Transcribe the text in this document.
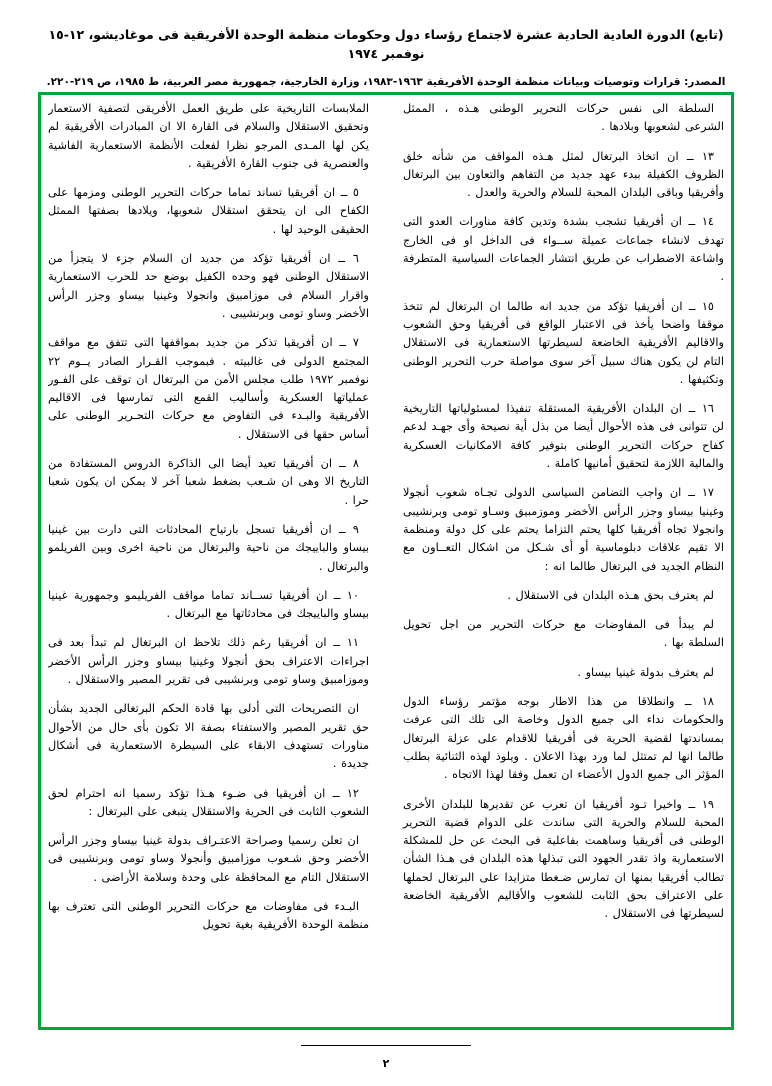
(تابع) الدورة العادية الحادية عشرة لاجتماع رؤساء دول وحكومات منظمة الوحدة الأفريقية فى موغاديشو، ١٢-١٥ نوفمبر ١٩٧٤
المصدر: قرارات وتوصيات وبيانات منظمة الوحدة الأفريقية ١٩٦٣-١٩٨٣، وزارة الخارجية، جمهورية مصر العربية، ط ١٩٨٥، ص ٢١٩-٢٢٠.

السلطة الى نفس حركات التحرير الوطنى هـذه ، الممثل الشرعى لشعوبها وبلادها .

١٣ ــ ان اتخاذ البرتغال لمثل هـذه المواقف من شأنه خلق الظروف الكفيلة ببدء عهد جديد من التفاهم والتعاون بين البرتغال وأفريقيا وباقى البلدان المحبة للسلام والحرية والعدل .

١٤ ــ ان أفريقيا تشجب بشدة وتدين كافة مناورات العدو التى تهدف لانشاء جماعات عميلة ســواء فى الداخل او فى الخارج واشاعة الاضطراب عن طريق انتشار الجماعات السياسية المتطرفة .

١٥ ــ ان أفريقيا تؤكد من جديد انه طالما ان البرتغال لم تتخذ موقفا واضحا يأخذ فى الاعتبار الواقع فى أفريقيا وحق الشعوب والاقاليم الأفريقية الخاضعة لسيطرتها الاستعمارية فى الاستقلال التام لن يكون هناك سبيل آخر سوى مواصلة حرب التحرير الوطنى وتكثيفها .

١٦ ــ ان البلدان الأفريقية المستقلة تنفيذا لمسئولياتها التاريخية لن تتوانى فى هذه الأحوال أيضا من بذل أية نصيحة وأى جهـد لدعم كفاح حركات التحرير الوطنى بتوفير كافة الامكانيات العسكرية والمالية اللازمة لتحقيق أمانيها كاملة .

١٧ ــ ان واجب التضامن السياسى الدولى تجـاه شعوب أنجولا وغينيا بيساو وجزر الرأس الأخضر وموزمبيق وسـاو تومى وبرنشيبى وانجولا تجاه أفريقيا كلها يحتم التزاما يحتم على كل دولة ومنظمة الا تقيم علاقات دبلوماسية أو أى شـكل من اشكال التعــاون مع النظام الجديد فى البرتغال طالما انه :

لم يعترف بحق هـذه البلدان فى الاستقلال .

لم يبدأ فى المفاوضات مع حركات التحرير من اجل تحويل السلطة بها .

لم يعترف بدولة غينيا بيساو .

١٨ ــ وانطلاقا من هذا الاطار بوجه مؤتمر رؤساء الدول والحكومات نداء الى جميع الدول وخاصة الى تلك التى عرفت بمساندتها لقضية الحرية فى أفريقيا للاقدام على عزلة البرتغال طالما انها لم تمتثل لما ورد بهذا الاعلان . ويلوذ لهذه الثنائية بطلب المؤثر الى جميع الدول الأعضاء ان تعمل وفقا لهذا الاتجاه .

١٩ ــ واخيرا تـود أفريقيا ان تعرب عن تقديرها للبلدان الأخرى المحبة للسلام والحرية التى ساندت على الدوام قضية التحرير الوطنى فى أفريقيا وساهمت بفاعلية فى البحث عن حل للمشكلة الاستعمارية واذ تقدر الجهود التى تبذلها هذه البلدان فى هـذا الشأن تطالب أفريقيا بمنها ان تمارس ضـغطا متزايدا على البرتغال لحملها على الاعتراف بحق الثابت للشعوب والأقاليم الأفريقية الخاضعة لسيطرتها فى الاستقلال .

الملابسات التاريخية على طريق العمل الأفريقى لتصفية الاستعمار وتحقيق الاستقلال والسلام فى القارة الا ان المبادرات الأفريقية لم يكن لها المـدى المرجو نظرا لفعلت الأنظمة الاستعمارية الفاشية والعنصرية فى جنوب القارة الأفريقية .

٥ ــ ان أفريقيا تساند تماما حركات التحرير الوطنى ومزمها على الكفاح الى ان يتحقق استقلال شعوبها، ويلادها بصفتها الممثل الحقيقى الوحيد لها .

٦ ــ ان أفريقيا تؤكد من جديد ان السلام جزء لا يتجزأ من الاستقلال الوطنى فهو وحده الكفيل بوضع حد للحرب الاستعمارية واقرار السلام فى موزامبيق وانجولا وغينيا بيساو وجزر الرأس الأخضر وساو تومى وبرنشيبى .

٧ ــ ان أفريقيا تذكر من جديد بمواقفها التى تتفق مع مواقف المجتمع الدولى فى غالبيته . فبموجب القـرار الصادر يــوم ٢٢ نوفمبر ١٩٧٢ طلب مجلس الأمن من البرتغال ان توقف على الفـور عملياتها العسكرية وأساليب القمع التى تمارسها فى الاقاليم الأفريقية والبـدء فى التفاوض مع حركات التحـرير الوطنى على أساس حقها فى الاستقلال .

٨ ــ ان أفريقيا تعيد أيضا الى الذاكرة الدروس المستفادة من التاريخ الا وهى ان شـعب بضغط شعبا آخر لا يمكن ان يكون شعبا حرا .

٩ ــ ان أفريقيا تسجل بارتياح المحادثات التى دارت بين غينيا بيساو والباييجك من ناحية والبرتغال من ناحية اخرى وبين الفريلمو والبرتغال .

١٠ ــ ان أفريقيا تســاند تماما مواقف الفريليمو وجمهورية غينيا بيساو والباييجك فى محادثاتها مع البرتغال .

١١ ــ ان أفريقيا رغم ذلك تلاحظ ان البرتغال لم تبدأ بعد فى اجراءات الاعتراف بحق أنجولا وغينيا بيساو وجزر الرأس الأخضر وموزامبيق وساو تومى وبرنشيبى فى تقرير المصير والاستقلال .

ان التصريحات التى أدلى بها قادة الحكم البرتغالى الجديد بشأن حق تقرير المصير والاستفتاء بصفة الا تكون بأى حال من الأحوال مناورات تستهدف الابقاء على السيطرة الاستعمارية فى أشكال جديدة .

١٢ ــ ان أفريقيا فى ضـوء هـذا تؤكد رسميا انه احترام لحق الشعوب الثابت فى الحرية والاستقلال ينبغى على البرتغال :

ان تعلن رسميا وصراحة الاعتـراف بدولة غينيا بيساو وجزر الرأس الأخضر وحق شـعوب موزامبيق وأنجولا وساو تومى وبرنشيبى فى الاستقلال التام مع المحافظة على وحدة وسلامة الأراضى .

البـدء فى مفاوضات مع حركات التحرير الوطنى التى تعترف بها منظمة الوحدة الأفريقية بغية تحويل

٢
